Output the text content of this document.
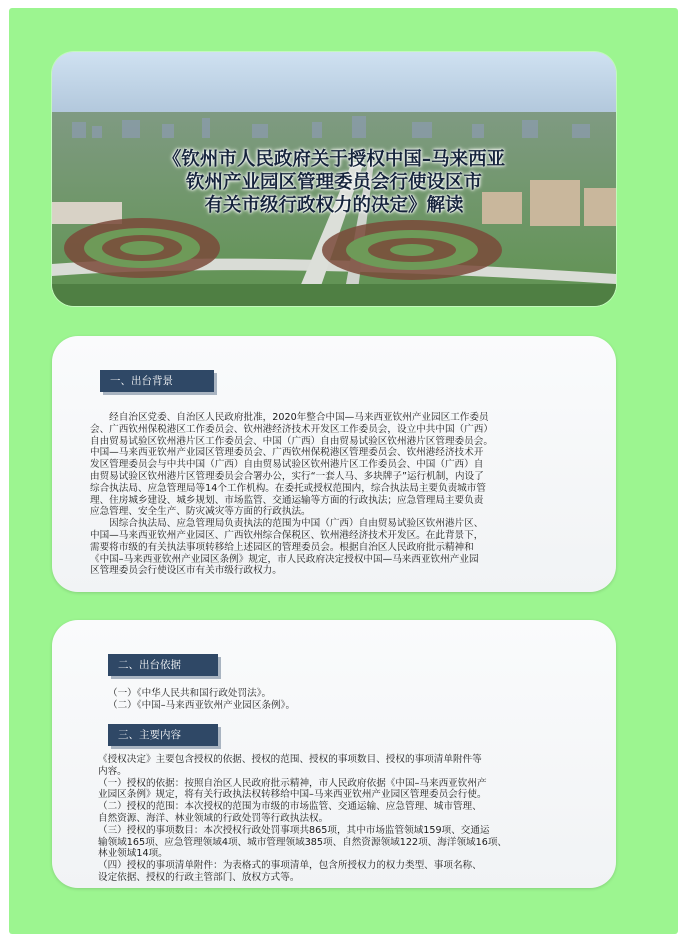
《钦州市人民政府关于授权中国–马来西亚
钦州产业园区管理委员会行使设区市
有关市级行政权力的决定》解读
一、出台背景

　　经自治区党委、自治区人民政府批准，2020年整合中国—马来西亚钦州产业园区工作委员

会、广西钦州保税港区工作委员会、钦州港经济技术开发区工作委员会，设立中共中国（广西）

自由贸易试验区钦州港片区工作委员会、中国（广西）自由贸易试验区钦州港片区管理委员会。

中国—马来西亚钦州产业园区管理委员会、广西钦州保税港区管理委员会、钦州港经济技术开

发区管理委员会与中共中国（广西）自由贸易试验区钦州港片区工作委员会、中国（广西）自

由贸易试验区钦州港片区管理委员会合署办公，实行“一套人马、多块牌子”运行机制，内设了

综合执法局、应急管理局等14个工作机构。在委托或授权范围内，综合执法局主要负责城市管

理、住房城乡建设、城乡规划、市场监管、交通运输等方面的行政执法；应急管理局主要负责

应急管理、安全生产、防灾减灾等方面的行政执法。

　　因综合执法局、应急管理局负责执法的范围为中国（广西）自由贸易试验区钦州港片区、

中国—马来西亚钦州产业园区、广西钦州综合保税区、钦州港经济技术开发区。在此背景下，

需要将市级的有关执法事项转移给上述园区的管理委员会。根据自治区人民政府批示精神和

《中国–马来西亚钦州产业园区条例》规定，市人民政府决定授权中国—马来西亚钦州产业园

区管理委员会行使设区市有关市级行政权力。

二、出台依据

（一）《中华人民共和国行政处罚法》。

（二）《中国–马来西亚钦州产业园区条例》。

三、主要内容

《授权决定》主要包含授权的依据、授权的范围、授权的事项数目、授权的事项清单附件等

内容。

（一）授权的依据：按照自治区人民政府批示精神，市人民政府依据《中国–马来西亚钦州产

业园区条例》规定，将有关行政执法权转移给中国–马来西亚钦州产业园区管理委员会行使。

（二）授权的范围：本次授权的范围为市级的市场监管、交通运输、应急管理、城市管理、

自然资源、海洋、林业领域的行政处罚等行政执法权。

（三）授权的事项数目：本次授权行政处罚事项共865项，其中市场监管领域159项、交通运

输领域165项、应急管理领域4项、城市管理领域385项、自然资源领域122项、海洋领域16项、

林业领域14项。

（四）授权的事项清单附件：为表格式的事项清单，包含所授权力的权力类型、事项名称、

设定依据、授权的行政主管部门、放权方式等。
